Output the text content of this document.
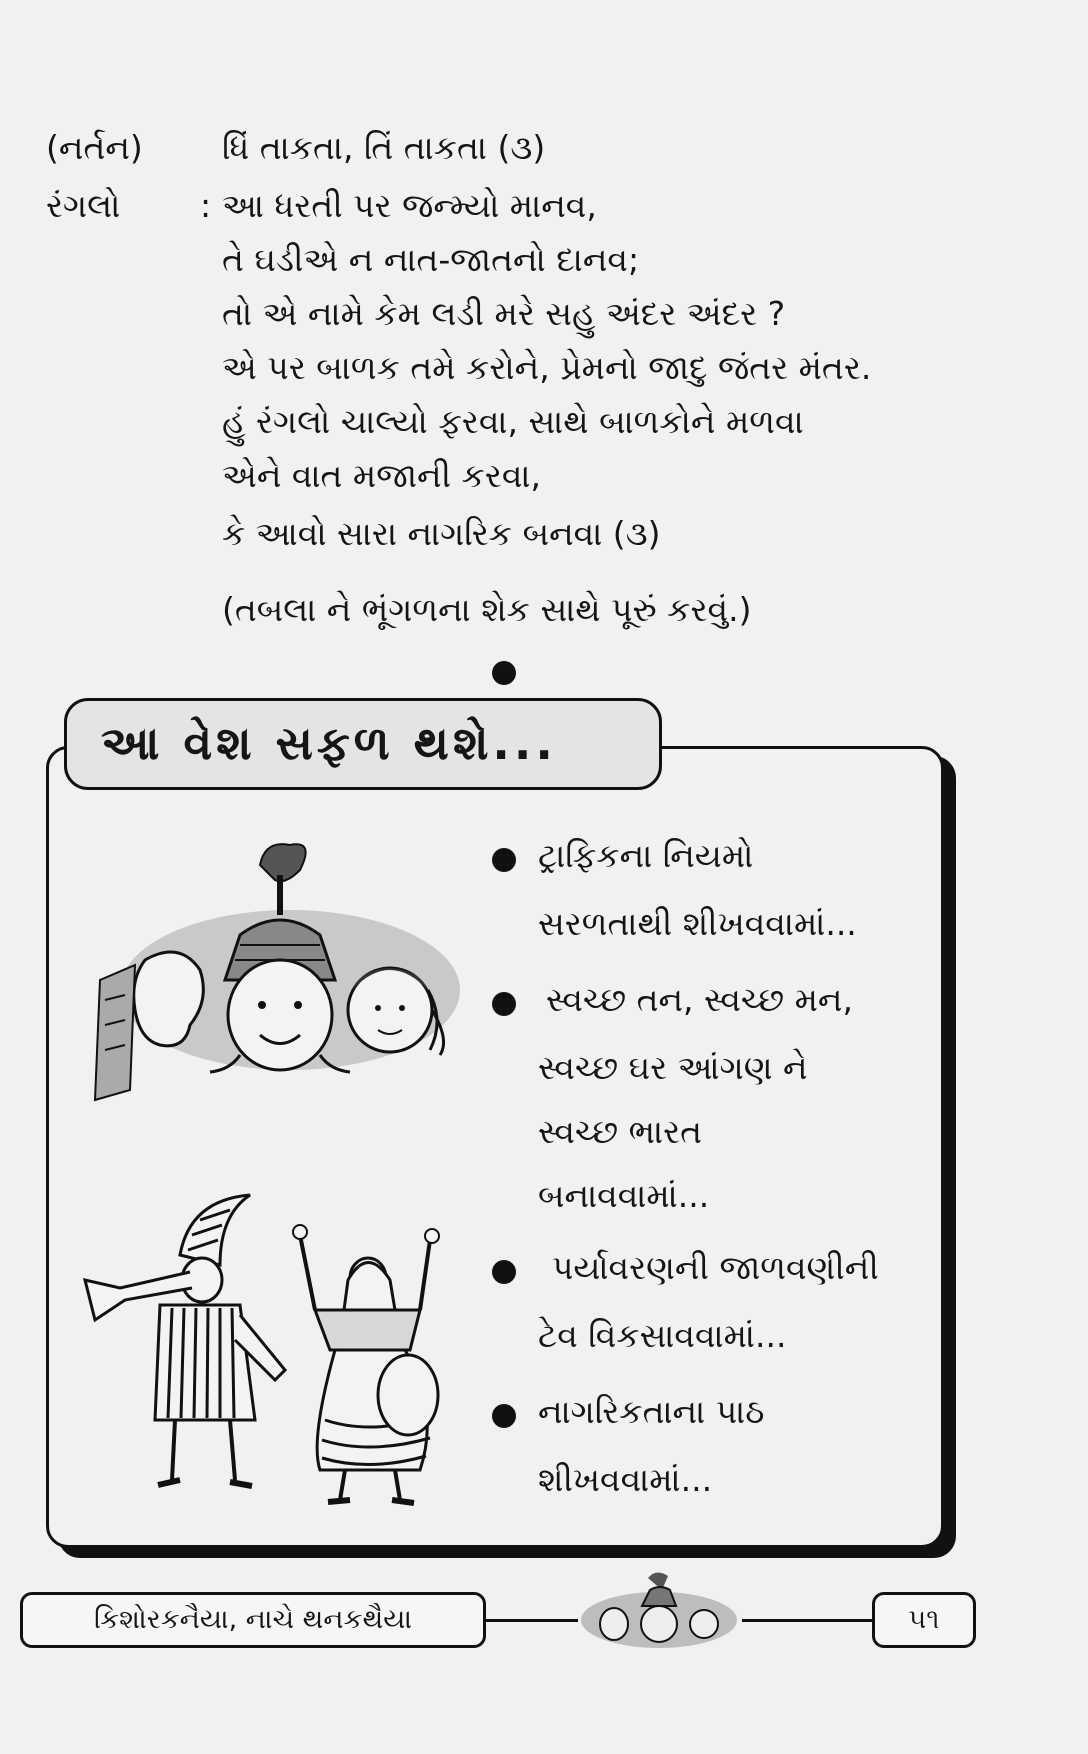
(નર્તન) ધિં તાકતા, તિં તાકતા (૩)
રંગલો : આ ધરતી પર જન્મ્યો માનવ,
તે ઘડીએ ન નાત-જાતનો દાનવ;
તો એ નામે કેમ લડી મરે સહુ અંદર અંદર ?
એ પર બાળક તમે કરોને, પ્રેમનો જાદુ જંતર મંતર.
હું રંગલો ચાલ્યો ફરવા, સાથે બાળકોને મળવા
એને વાત મજાની કરવા,
કે આવો સારા નાગરિક બનવા (૩)
(તબલા ને ભૂંગળના શેક સાથે પૂરું કરવું.)
આ વેશ સફળ થશે...
ટ્રાફિકના નિયમો
સરળતાથી શીખવવામાં...
સ્વચ્છ તન, સ્વચ્છ મન,
સ્વચ્છ ઘર આંગણ ને
સ્વચ્છ ભારત
બનાવવામાં...
પર્યાવરણની જાળવણીની
ટેવ વિકસાવવામાં...
નાગરિકતાના પાઠ
શીખવવામાં...
કિશોરકનૈયા, નાચે થનકથૈયા	૫૧
